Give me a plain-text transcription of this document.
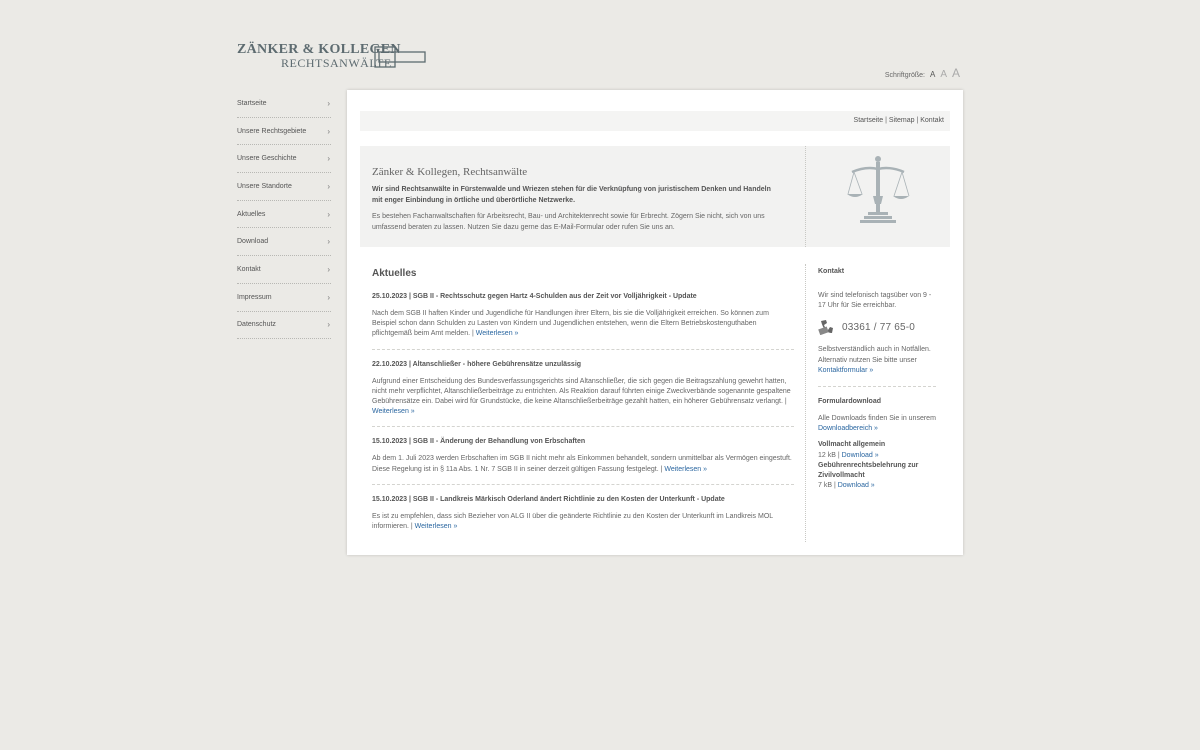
ZÄNKER & KOLLEGEN
RECHTSANWÄLTE
Schriftgröße: A A A
Startseite	›
Unsere Rechtsgebiete	›
Unsere Geschichte	›
Unsere Standorte	›
Aktuelles	›
Download	›
Kontakt	›
Impressum	›
Datenschutz	›
Startseite | Sitemap | Kontakt
Zänker & Kollegen, Rechtsanwälte
Wir sind Rechtsanwälte in Fürstenwalde und Wriezen stehen für die Verknüpfung von juristischem Denken und Handeln mit enger Einbindung in örtliche und überörtliche Netzwerke.
Es bestehen Fachanwaltschaften für Arbeitsrecht, Bau- und Architektenrecht sowie für Erbrecht. Zögern Sie nicht, sich von uns umfassend beraten zu lassen. Nutzen Sie dazu gerne das E-Mail-Formular oder rufen Sie uns an.
Aktuelles
25.10.2023 | SGB II - Rechtsschutz gegen Hartz 4-Schulden aus der Zeit vor Volljährigkeit - Update
Nach dem SGB II haften Kinder und Jugendliche für Handlungen ihrer Eltern, bis sie die Volljährigkeit erreichen. So können zum Beispiel schon dann Schulden zu Lasten von Kindern und Jugendlichen entstehen, wenn die Eltern Betriebskostenguthaben pflichtgemäß beim Amt melden. | Weiterlesen »
22.10.2023 | Altanschließer - höhere Gebührensätze unzulässig
Aufgrund einer Entscheidung des Bundesverfassungsgerichts sind Altanschließer, die sich gegen die Beitragszahlung gewehrt hatten, nicht mehr verpflichtet, Altanschließerbeiträge zu entrichten. Als Reaktion darauf führten einige Zweckverbände sogenannte gespaltene Gebührensätze ein. Dabei wird für Grundstücke, die keine Altanschließerbeiträge gezahlt hatten, ein höherer Gebührensatz verlangt. | Weiterlesen »
15.10.2023 | SGB II - Änderung der Behandlung von Erbschaften
Ab dem 1. Juli 2023 werden Erbschaften im SGB II nicht mehr als Einkommen behandelt, sondern unmittelbar als Vermögen eingestuft. Diese Regelung ist in § 11a Abs. 1 Nr. 7 SGB II in seiner derzeit gültigen Fassung festgelegt. | Weiterlesen »
15.10.2023 | SGB II - Landkreis Märkisch Oderland ändert Richtlinie zu den Kosten der Unterkunft - Update
Es ist zu empfehlen, dass sich Bezieher von ALG II über die geänderte Richtlinie zu den Kosten der Unterkunft im Landkreis MOL informieren. | Weiterlesen »
Kontakt

Wir sind telefonisch tagsüber von 9 - 17 Uhr für Sie erreichbar.

03361 / 77 65-0

Selbstverständlich auch in Notfällen. Alternativ nutzen Sie bitte unser
Kontaktformular »

Formulardownload

Alle Downloads finden Sie in unserem
Downloadbereich »

Vollmacht allgemein

12 kB | Download »

Gebührenrechtsbelehrung zur Zivilvollmacht

7 kB | Download »
